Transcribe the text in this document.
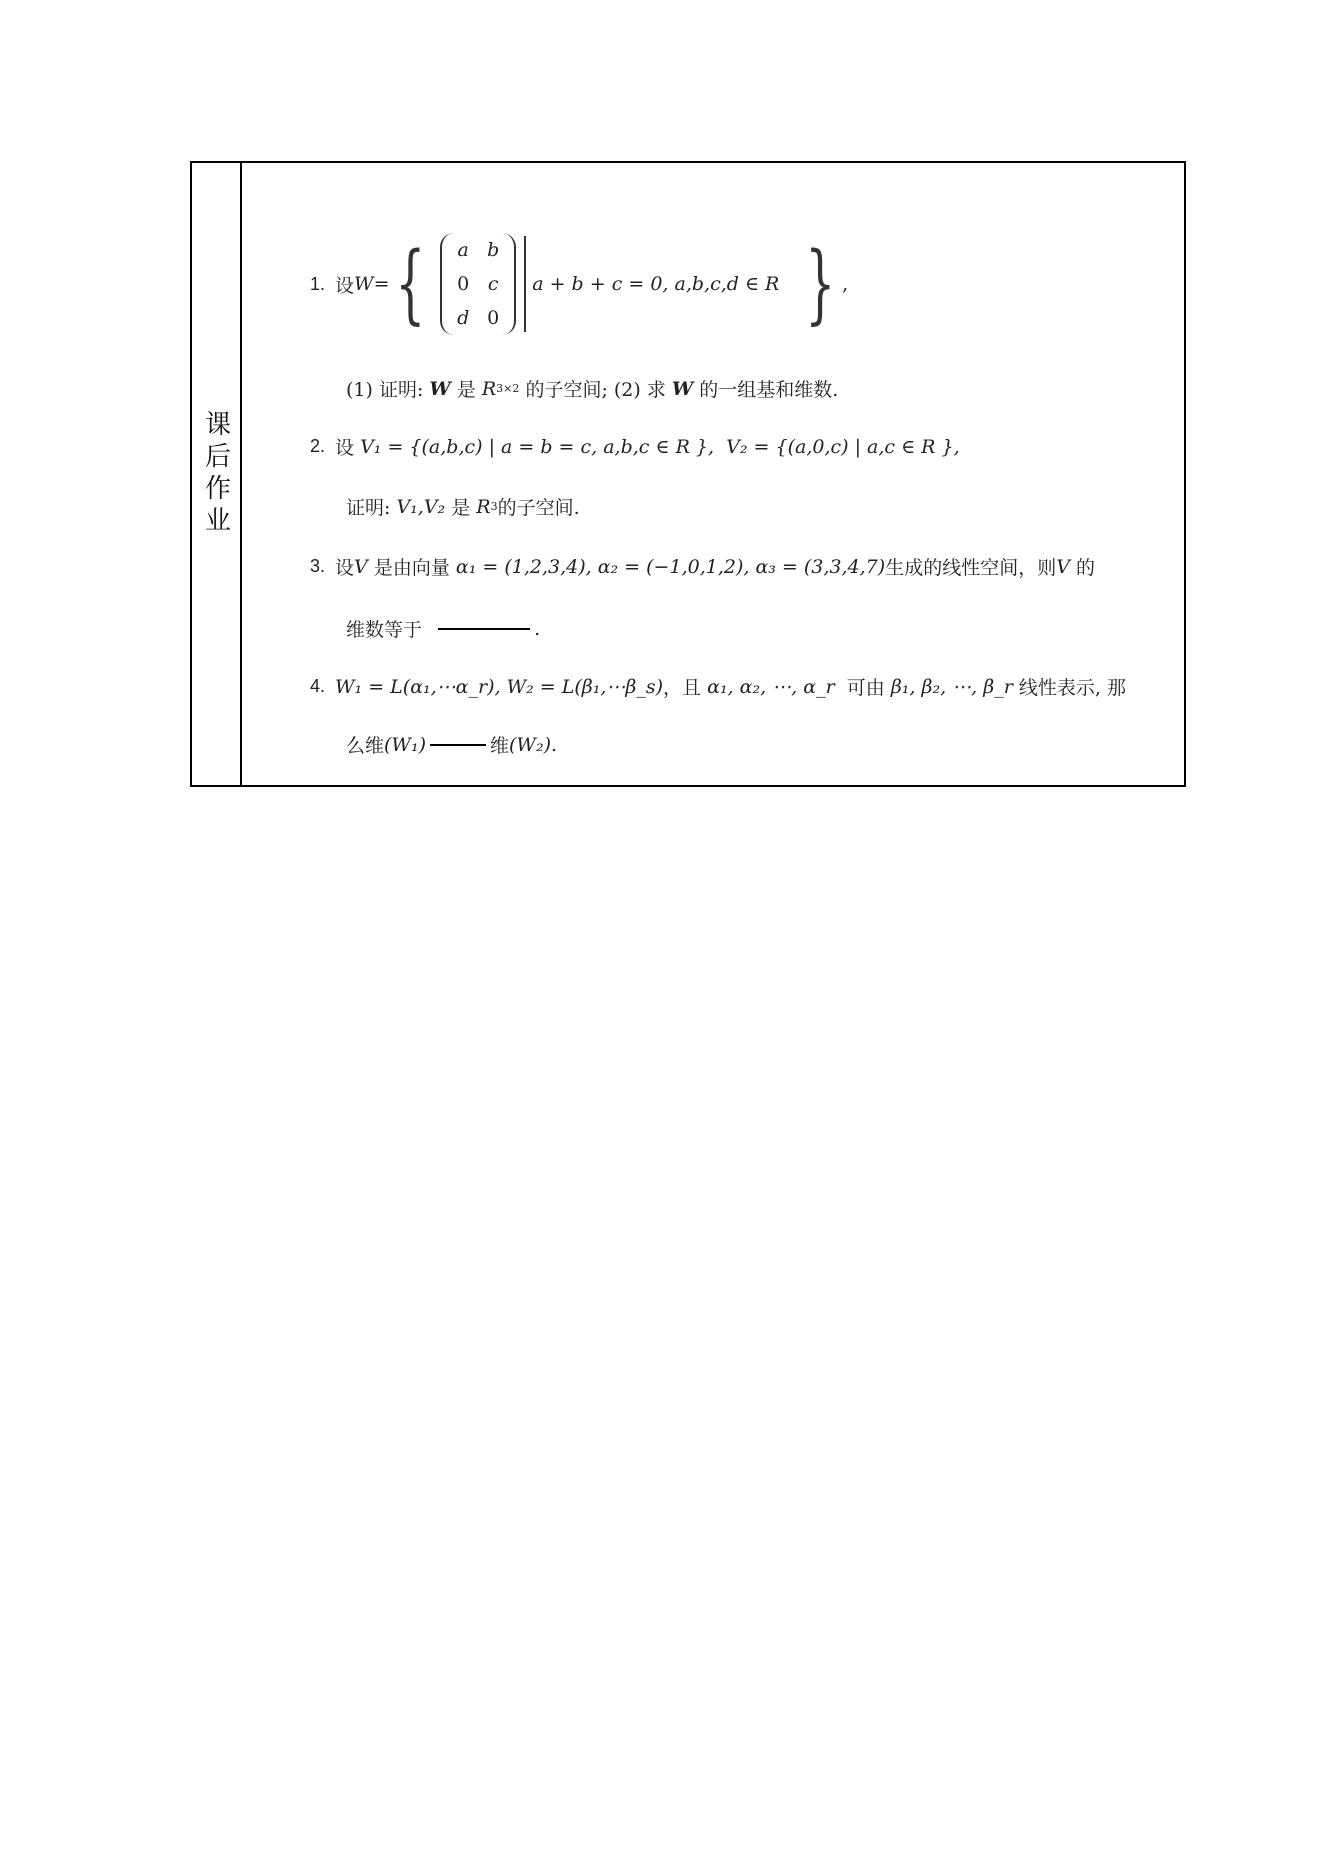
课后作业
1. 设 W = { a b
0 c
d 0
a + b + c = 0, a,b,c,d ∈ R } ,
(1) 证明:
W
是
R 3×2
的子空间; (2) 求
W
的一组基和维数.
2. 设
V₁ = {(a,b,c) | a = b = c, a,b,c ∈ R },
V₂ = {(a,0,c) | a,c ∈ R },
证明:
V₁,V₂
是
R 3 的子空间.
3. 设 V
是由向量
α₁ = (1,2,3,4), α₂ = (−1,0,1,2), α₃ = (3,3,4,7) 生成的线性空间，则 V
的
维数等于
	.
4. W₁ = L(α₁,⋯α_r), W₂ = L(β₁,⋯β_s) ，且
α₁, α₂, ⋯, α_r
可由
β₁, β₂, ⋯, β_r
线性表示, 那
么维 (W₁)	维 (W₂) .
